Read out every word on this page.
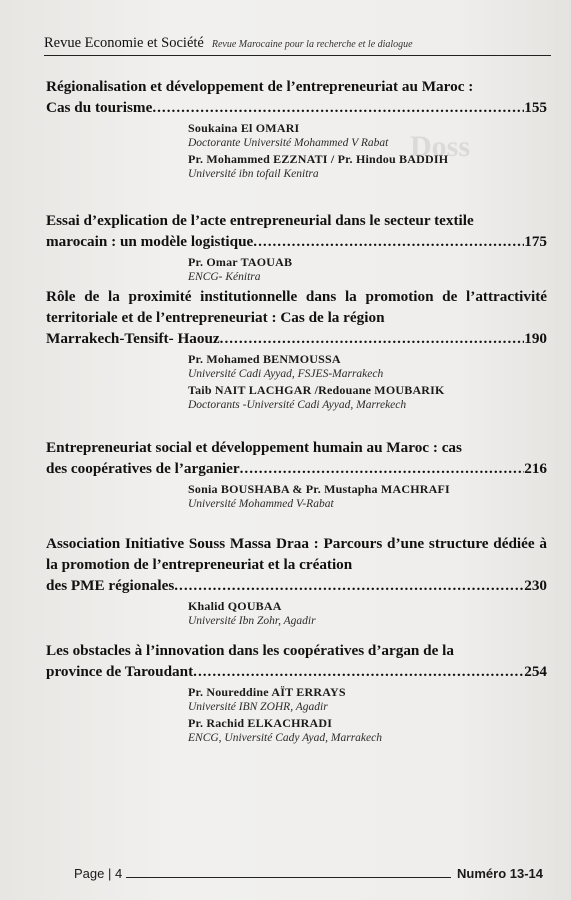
Doss
Revue Economie et Société Revue Marocaine pour la recherche et le dialogue
Régionalisation et développement de l’entrepreneuriat au Maroc :
Cas du tourisme .....	155
Soukaina El OMARI
Doctorante Université Mohammed V Rabat
Pr. Mohammed EZZNATI / Pr. Hindou BADDIH
Université ibn tofail Kenitra
Essai d’explication de l’acte entrepreneurial dans le secteur textile
marocain : un modèle logistique .....	175
Pr. Omar TAOUAB
ENCG- Kénitra
Rôle de la proximité institutionnelle dans la promotion de l’attractivité territoriale et de l’entrepreneuriat : Cas de la région
Marrakech-Tensift- Haouz .....	190
Pr. Mohamed BENMOUSSA
Université Cadi Ayyad, FSJES-Marrakech
Taib NAIT LACHGAR /Redouane MOUBARIK
Doctorants -Université Cadi Ayyad, Marrekech
Entrepreneuriat social et développement humain au Maroc : cas
des coopératives de l’arganier .....	216
Sonia BOUSHABA & Pr. Mustapha MACHRAFI
Université Mohammed V-Rabat
Association Initiative Souss Massa Draa : Parcours d’une structure dédiée à la promotion de l’entrepreneuriat et la création
des PME régionales .....	230
Khalid QOUBAA
Université Ibn Zohr, Agadir
Les obstacles à l’innovation dans les coopératives d’argan de la
province de Taroudant .....	254
Pr. Noureddine AÏT ERRAYS
Université IBN ZOHR, Agadir
Pr. Rachid ELKACHRADI
ENCG, Université Cady Ayad, Marrakech
Page | 4	Numéro 13-14
